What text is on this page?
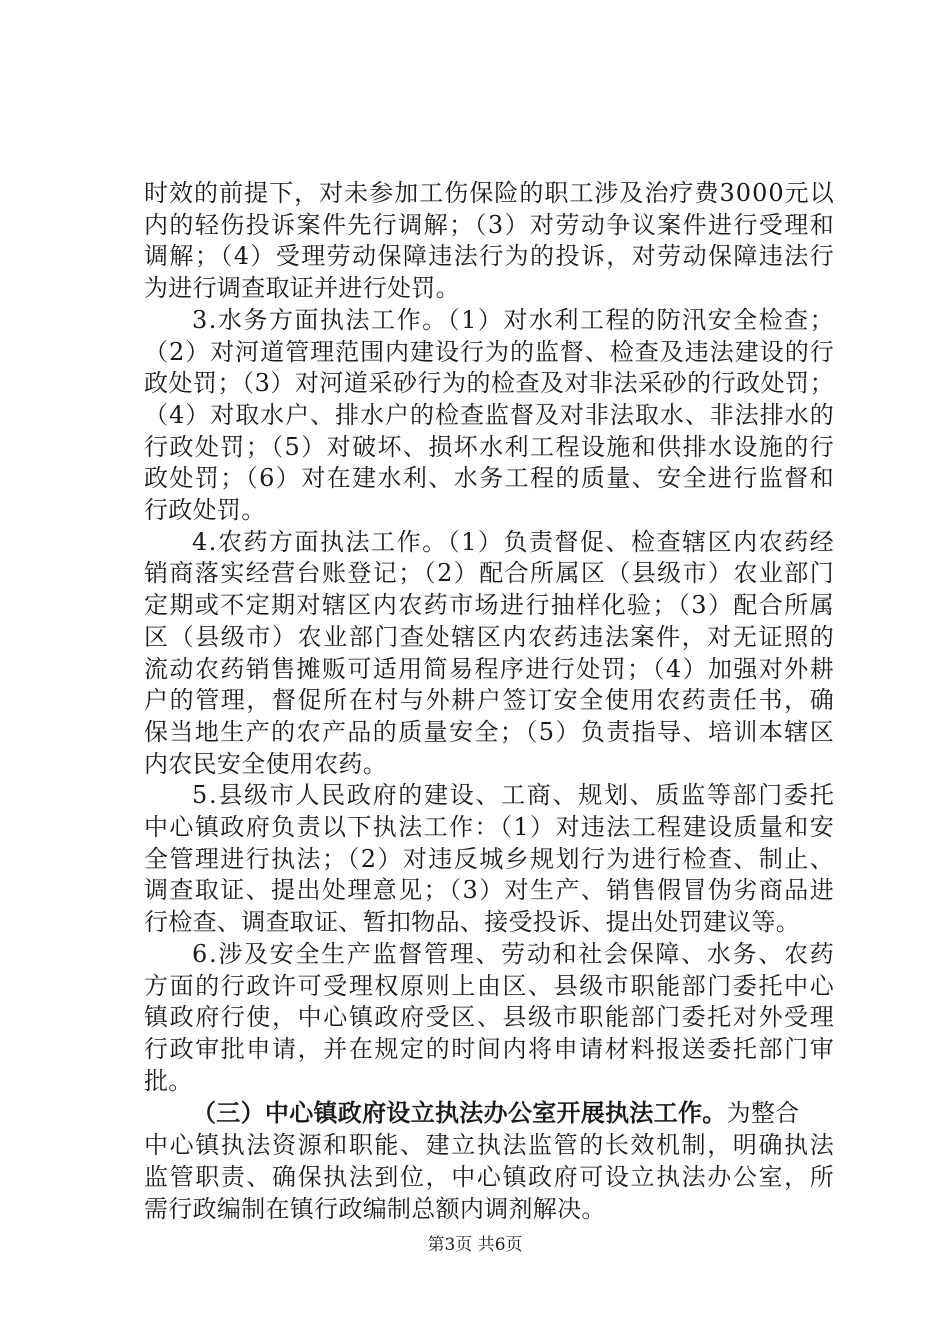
时效的前提下，对未参加工伤保险的职工涉及治疗费3000元以
内的轻伤投诉案件先行调解；（3）对劳动争议案件进行受理和
调解；（4）受理劳动保障违法行为的投诉，对劳动保障违法行
为进行调查取证并进行处罚。
3.水务方面执法工作。（1）对水利工程的防汛安全检查；
（2）对河道管理范围内建设行为的监督、检查及违法建设的行
政处罚；（3）对河道采砂行为的检查及对非法采砂的行政处罚；
（4）对取水户、排水户的检查监督及对非法取水、非法排水的
行政处罚；（5）对破坏、损坏水利工程设施和供排水设施的行
政处罚；（6）对在建水利、水务工程的质量、安全进行监督和
行政处罚。
4.农药方面执法工作。（1）负责督促、检查辖区内农药经
销商落实经营台账登记；（2）配合所属区（县级市）农业部门
定期或不定期对辖区内农药市场进行抽样化验；（3）配合所属
区（县级市）农业部门查处辖区内农药违法案件，对无证照的
流动农药销售摊贩可适用简易程序进行处罚；（4）加强对外耕
户的管理，督促所在村与外耕户签订安全使用农药责任书，确
保当地生产的农产品的质量安全；（5）负责指导、培训本辖区
内农民安全使用农药。
5.县级市人民政府的建设、工商、规划、质监等部门委托
中心镇政府负责以下执法工作：（1）对违法工程建设质量和安
全管理进行执法；（2）对违反城乡规划行为进行检查、制止、
调查取证、提出处理意见；（3）对生产、销售假冒伪劣商品进
行检查、调查取证、暂扣物品、接受投诉、提出处罚建议等。
6.涉及安全生产监督管理、劳动和社会保障、水务、农药
方面的行政许可受理权原则上由区、县级市职能部门委托中心
镇政府行使，中心镇政府受区、县级市职能部门委托对外受理
行政审批申请，并在规定的时间内将申请材料报送委托部门审
批。

（三）中心镇政府设立执法办公室开展执法工作。为整合

中心镇执法资源和职能、建立执法监管的长效机制，明确执法
监管职责、确保执法到位，中心镇政府可设立执法办公室，所
需行政编制在镇行政编制总额内调剂解决。
第3页 共6页
